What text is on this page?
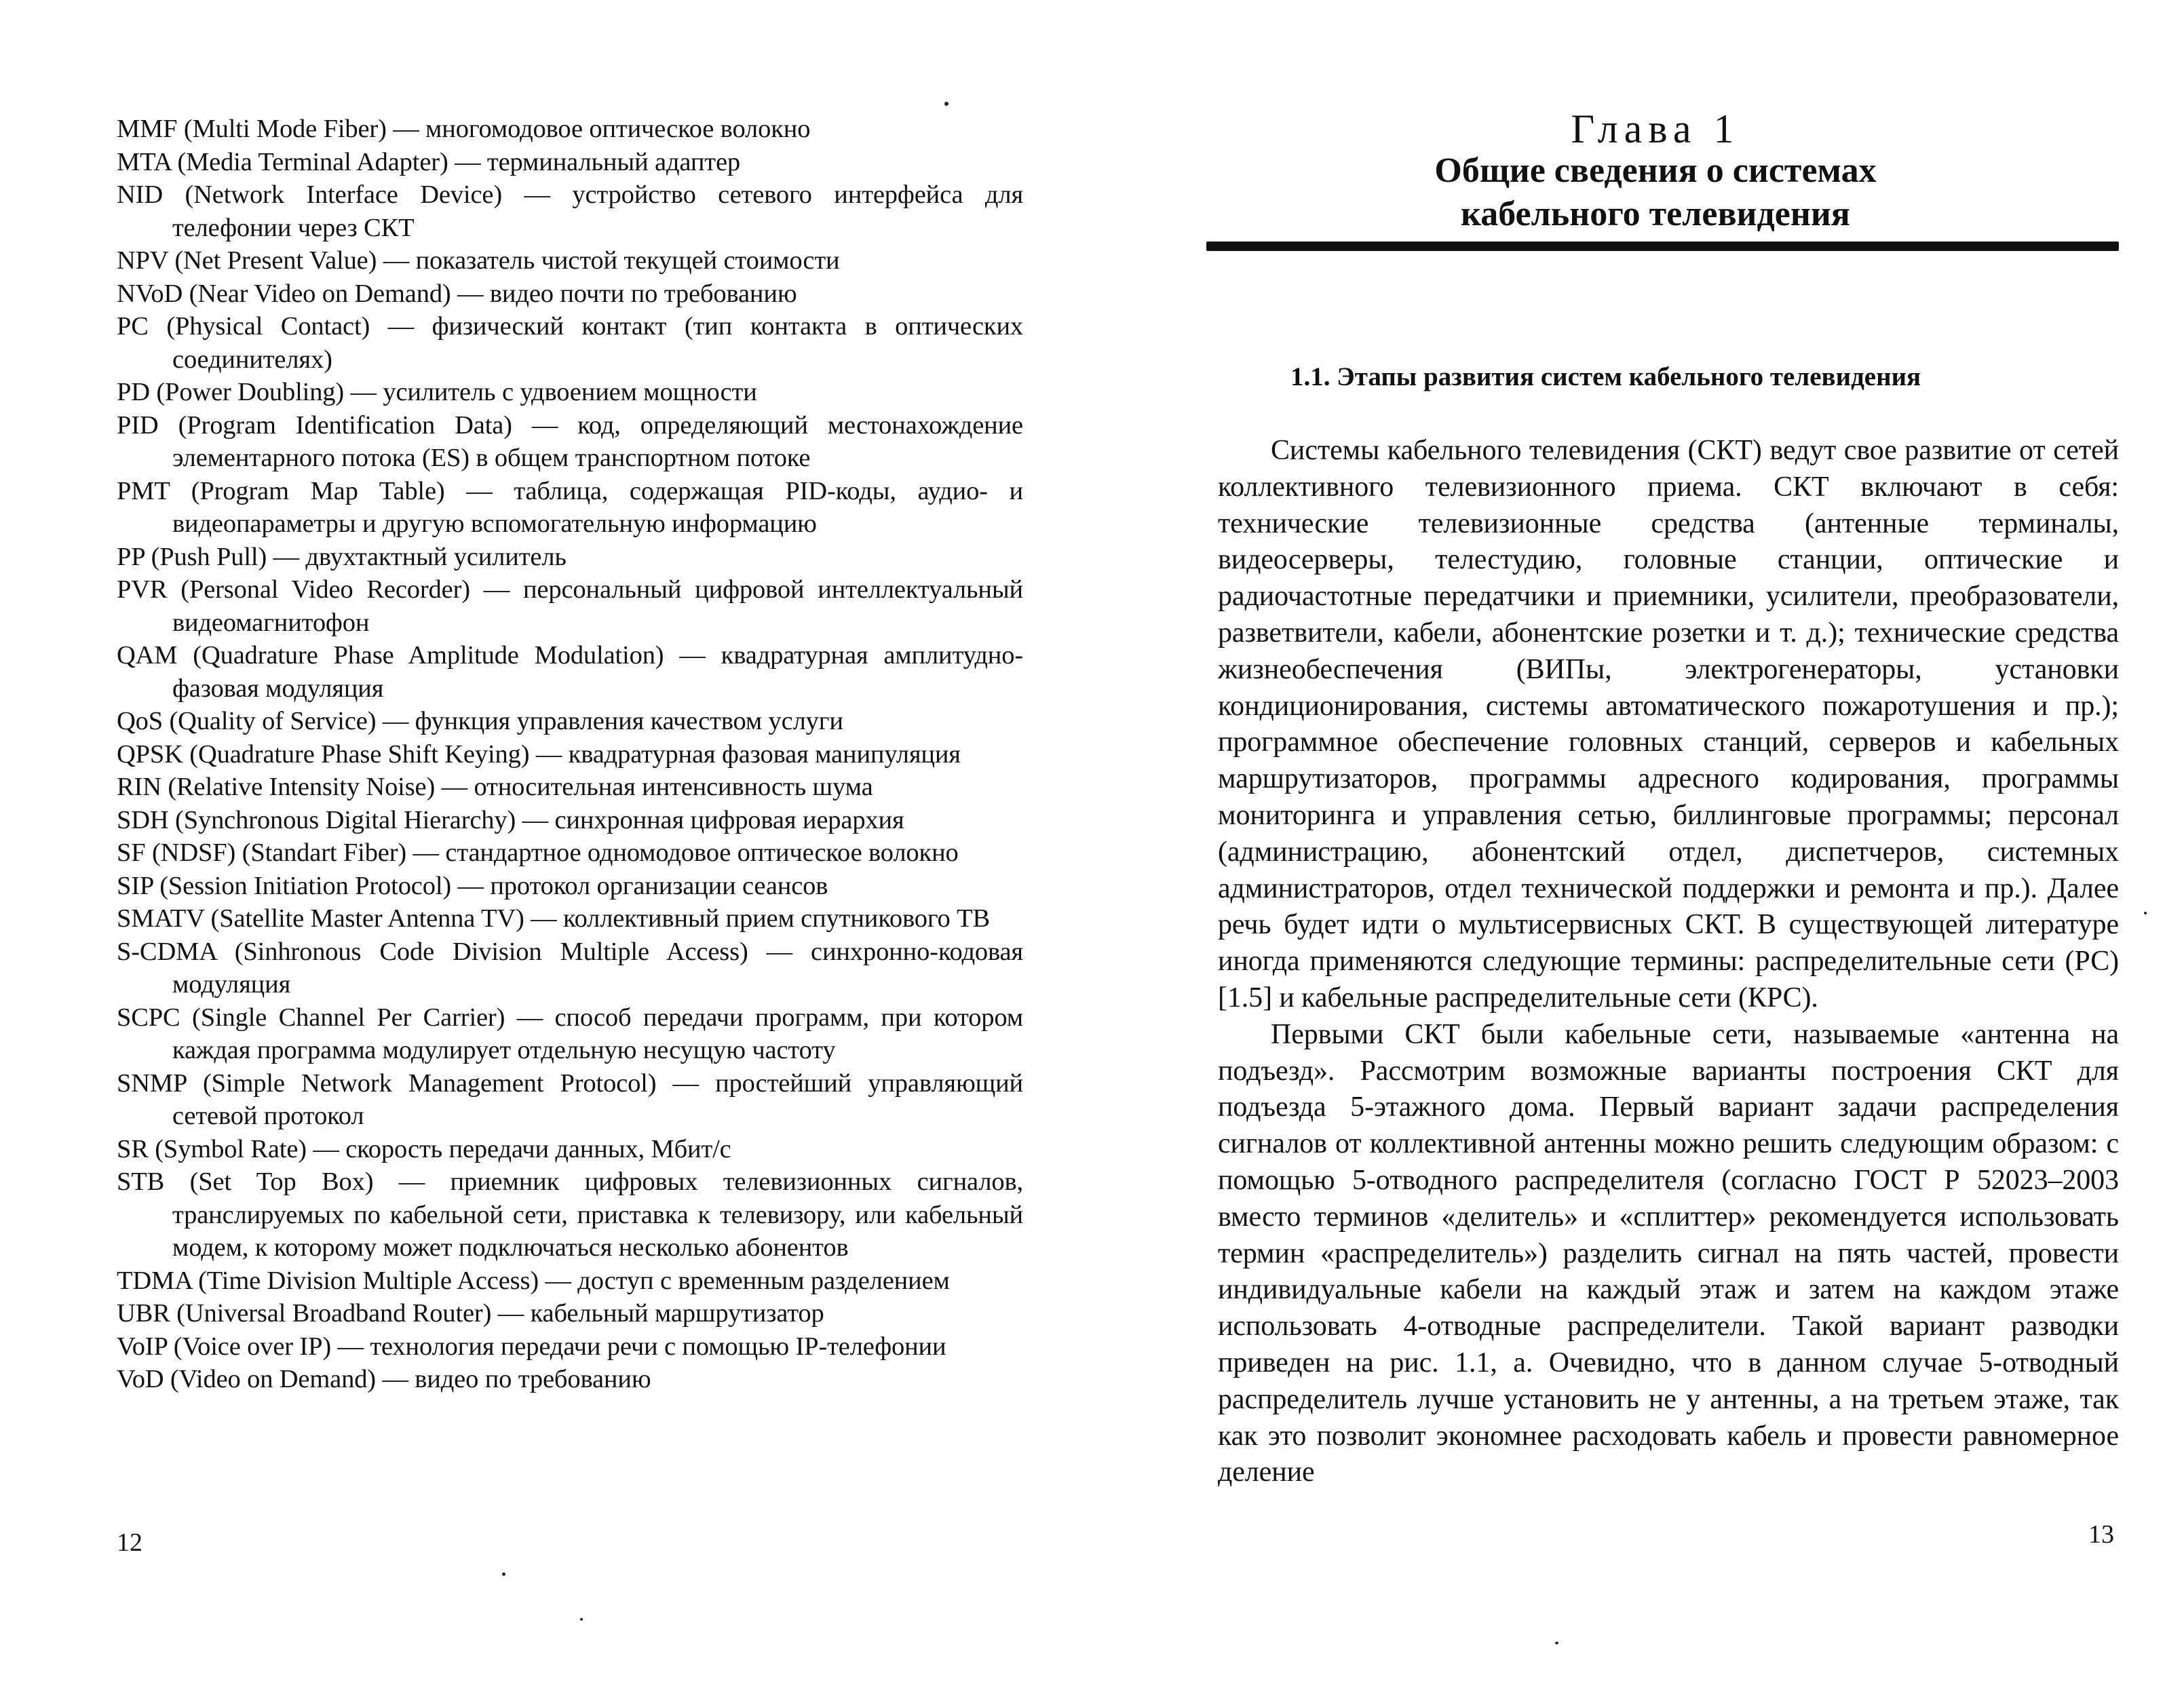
MMF (Multi Mode Fiber) — многомодовое оптическое волокно
MTA (Media Terminal Adapter) — терминальный адаптер
NID (Network Interface Device) — устройство сетевого интерфейса для телефонии через СКТ
NPV (Net Present Value) — показатель чистой текущей стоимости
NVoD (Near Video on Demand) — видео почти по требованию
PC (Physical Contact) — физический контакт (тип контакта в оптических соединителях)
PD (Power Doubling) — усилитель с удвоением мощности
PID (Program Identification Data) — код, определяющий местонахождение элементарного потока (ES) в общем транспортном потоке
PMT (Program Map Table) — таблица, содержащая PID-коды, аудио- и видеопараметры и другую вспомогательную информацию
PP (Push Pull) — двухтактный усилитель
PVR (Personal Video Recorder) — персональный цифровой интеллектуальный видеомагнитофон
QAM (Quadrature Phase Amplitude Modulation) — квадратурная амплитудно-фазовая модуляция
QoS (Quality of Service) — функция управления качеством услуги
QPSK (Quadrature Phase Shift Keying) — квадратурная фазовая манипуляция
RIN (Relative Intensity Noise) — относительная интенсивность шума
SDH (Synchronous Digital Hierarchy) — синхронная цифровая иерархия
SF (NDSF) (Standart Fiber) — стандартное одномодовое оптическое волокно
SIP (Session Initiation Protocol) — протокол организации сеансов
SMATV (Satellite Master Antenna TV) — коллективный прием спутникового ТВ
S-CDMA (Sinhronous Code Division Multiple Access) — синхронно-кодовая модуляция
SCPC (Single Channel Per Carrier) — способ передачи программ, при котором каждая программа модулирует отдельную несущую частоту
SNMP (Simple Network Management Protocol) — простейший управляющий сетевой протокол
SR (Symbol Rate) — скорость передачи данных, Мбит/с
STB (Set Top Box) — приемник цифровых телевизионных сигналов, транслируемых по кабельной сети, приставка к телевизору, или кабельный модем, к которому может подключаться несколько абонентов
TDMA (Time Division Multiple Access) — доступ с временным разделением
UBR (Universal Broadband Router) — кабельный маршрутизатор
VoIP (Voice over IP) — технология передачи речи с помощью IP-телефонии
VoD (Video on Demand) — видео по требованию
12
Глава 1
Общие сведения о системах
кабельного телевидения
1.1. Этапы развития систем кабельного телевидения

Системы кабельного телевидения (СКТ) ведут свое развитие от сетей коллективного телевизионного приема. СКТ включают в себя: технические телевизионные средства (антенные терминалы, видеосерверы, телестудию, головные станции, оптические и радиочастотные передатчики и приемники, усилители, преобразователи, разветвители, кабели, абонентские розетки и т. д.); технические средства жизнеобеспечения (ВИПы, электрогенераторы, установки кондиционирования, системы автоматического пожаротушения и пр.); программное обеспечение головных станций, серверов и кабельных маршрутизаторов, программы адресного кодирования, программы мониторинга и управления сетью, биллинговые программы; персонал (администрацию, абонентский отдел, диспетчеров, системных администраторов, отдел технической поддержки и ремонта и пр.). Далее речь будет идти о мультисервисных СКТ. В существующей литературе иногда применяются следующие термины: распределительные сети (РС) [1.5] и кабельные распределительные сети (КРС).

Первыми СКТ были кабельные сети, называемые «антенна на подъезд». Рассмотрим возможные варианты построения СКТ для подъезда 5-этажного дома. Первый вариант задачи распределения сигналов от коллективной антенны можно решить следующим образом: с помощью 5-отводного распределителя (согласно ГОСТ Р 52023–2003 вместо терминов «делитель» и «сплиттер» рекомендуется использовать термин «распределитель») разделить сигнал на пять частей, провести индивидуальные кабели на каждый этаж и затем на каждом этаже использовать 4-отводные распределители. Такой вариант разводки приведен на рис. 1.1, а. Очевидно, что в данном случае 5-отводный распределитель лучше установить не у антенны, а на третьем этаже, так как это позволит экономнее расходовать кабель и провести равномерное деление

13
